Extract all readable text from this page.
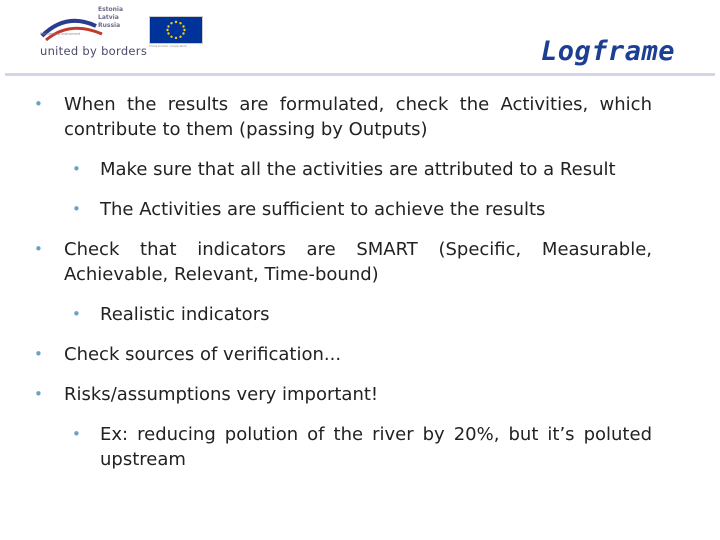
Estonia
Latvia
Russia
Partnership instrument
Cross-border cooperation
united by borders	Logframe
• When the results are formulated, check the Activities, which contribute to them (passing by Outputs)
• Make sure that all the activities are attributed to a Result
• The Activities are sufficient to achieve the results
• Check that indicators are SMART (Specific, Measurable, Achievable, Relevant, Time-bound)
• Realistic indicators
• Check sources of verification...
• Risks/assumptions very important!
• Ex: reducing polution of the river by 20%, but it’s poluted upstream
